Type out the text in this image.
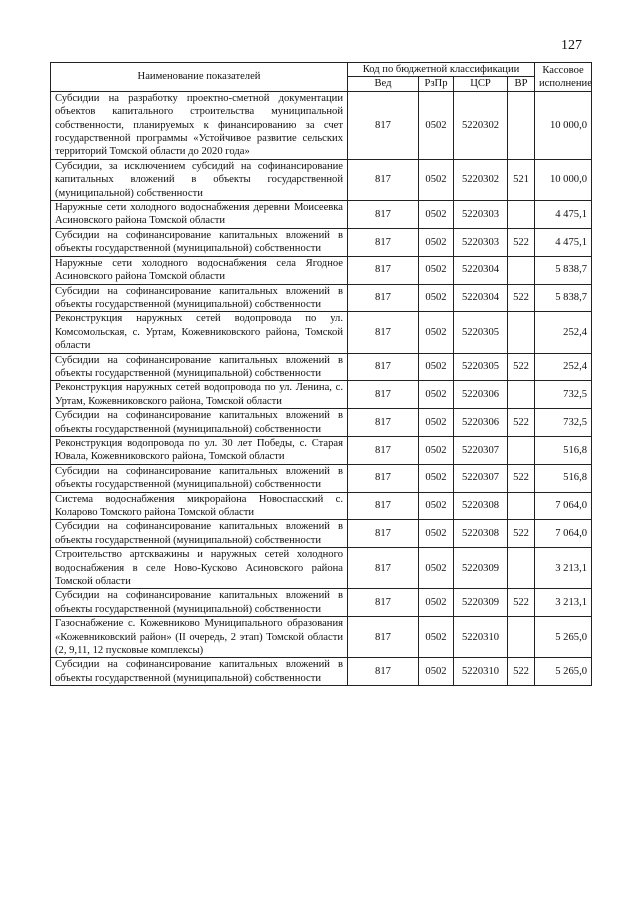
127
Наименование показателей	Код по бюджетной классификации				Кассовое исполнение
	Вед	РзПр	ЦСР	ВР	
Субсидии на разработку проектно-сметной документации объектов капитального строительства муниципальной собственности, планируемых к финансированию за счет государственной программы «Устойчивое развитие сельских территорий Томской области до 2020 года»	817	0502	5220302		10 000,0
Субсидии, за исключением субсидий на софинансирование капитальных вложений в объекты государственной (муниципальной) собственности	817	0502	5220302	521	10 000,0
Наружные сети холодного водоснабжения деревни Моисеевка Асиновского района Томской области	817	0502	5220303		4 475,1
Субсидии на софинансирование капитальных вложений в объекты государственной (муниципальной) собственности	817	0502	5220303	522	4 475,1
Наружные сети холодного водоснабжения села Ягодное Асиновского района Томской области	817	0502	5220304		5 838,7
Субсидии на софинансирование капитальных вложений в объекты государственной (муниципальной) собственности	817	0502	5220304	522	5 838,7
Реконструкция наружных сетей водопровода по ул. Комсомольская, с. Уртам, Кожевниковского района, Томской области	817	0502	5220305		252,4
Субсидии на софинансирование капитальных вложений в объекты государственной (муниципальной) собственности	817	0502	5220305	522	252,4
Реконструкция наружных сетей водопровода по ул. Ленина, с. Уртам, Кожевниковского района, Томской области	817	0502	5220306		732,5
Субсидии на софинансирование капитальных вложений в объекты государственной (муниципальной) собственности	817	0502	5220306	522	732,5
Реконструкция водопровода по ул. 30 лет Победы, с. Старая Ювала, Кожевниковского района, Томской области	817	0502	5220307		516,8
Субсидии на софинансирование капитальных вложений в объекты государственной (муниципальной) собственности	817	0502	5220307	522	516,8
Система водоснабжения микрорайона Новоспасский с. Коларово Томского района Томской области	817	0502	5220308		7 064,0
Субсидии на софинансирование капитальных вложений в объекты государственной (муниципальной) собственности	817	0502	5220308	522	7 064,0
Строительство артскважины и наружных сетей холодного водоснабжения в селе Ново-Кусково Асиновского района Томской области	817	0502	5220309		3 213,1
Субсидии на софинансирование капитальных вложений в объекты государственной (муниципальной) собственности	817	0502	5220309	522	3 213,1
Газоснабжение с. Кожевниково Муниципального образования «Кожевниковский район» (II очередь, 2 этап) Томской области (2, 9,11, 12 пусковые комплексы)	817	0502	5220310		5 265,0
Субсидии на софинансирование капитальных вложений в объекты государственной (муниципальной) собственности	817	0502	5220310	522	5 265,0
